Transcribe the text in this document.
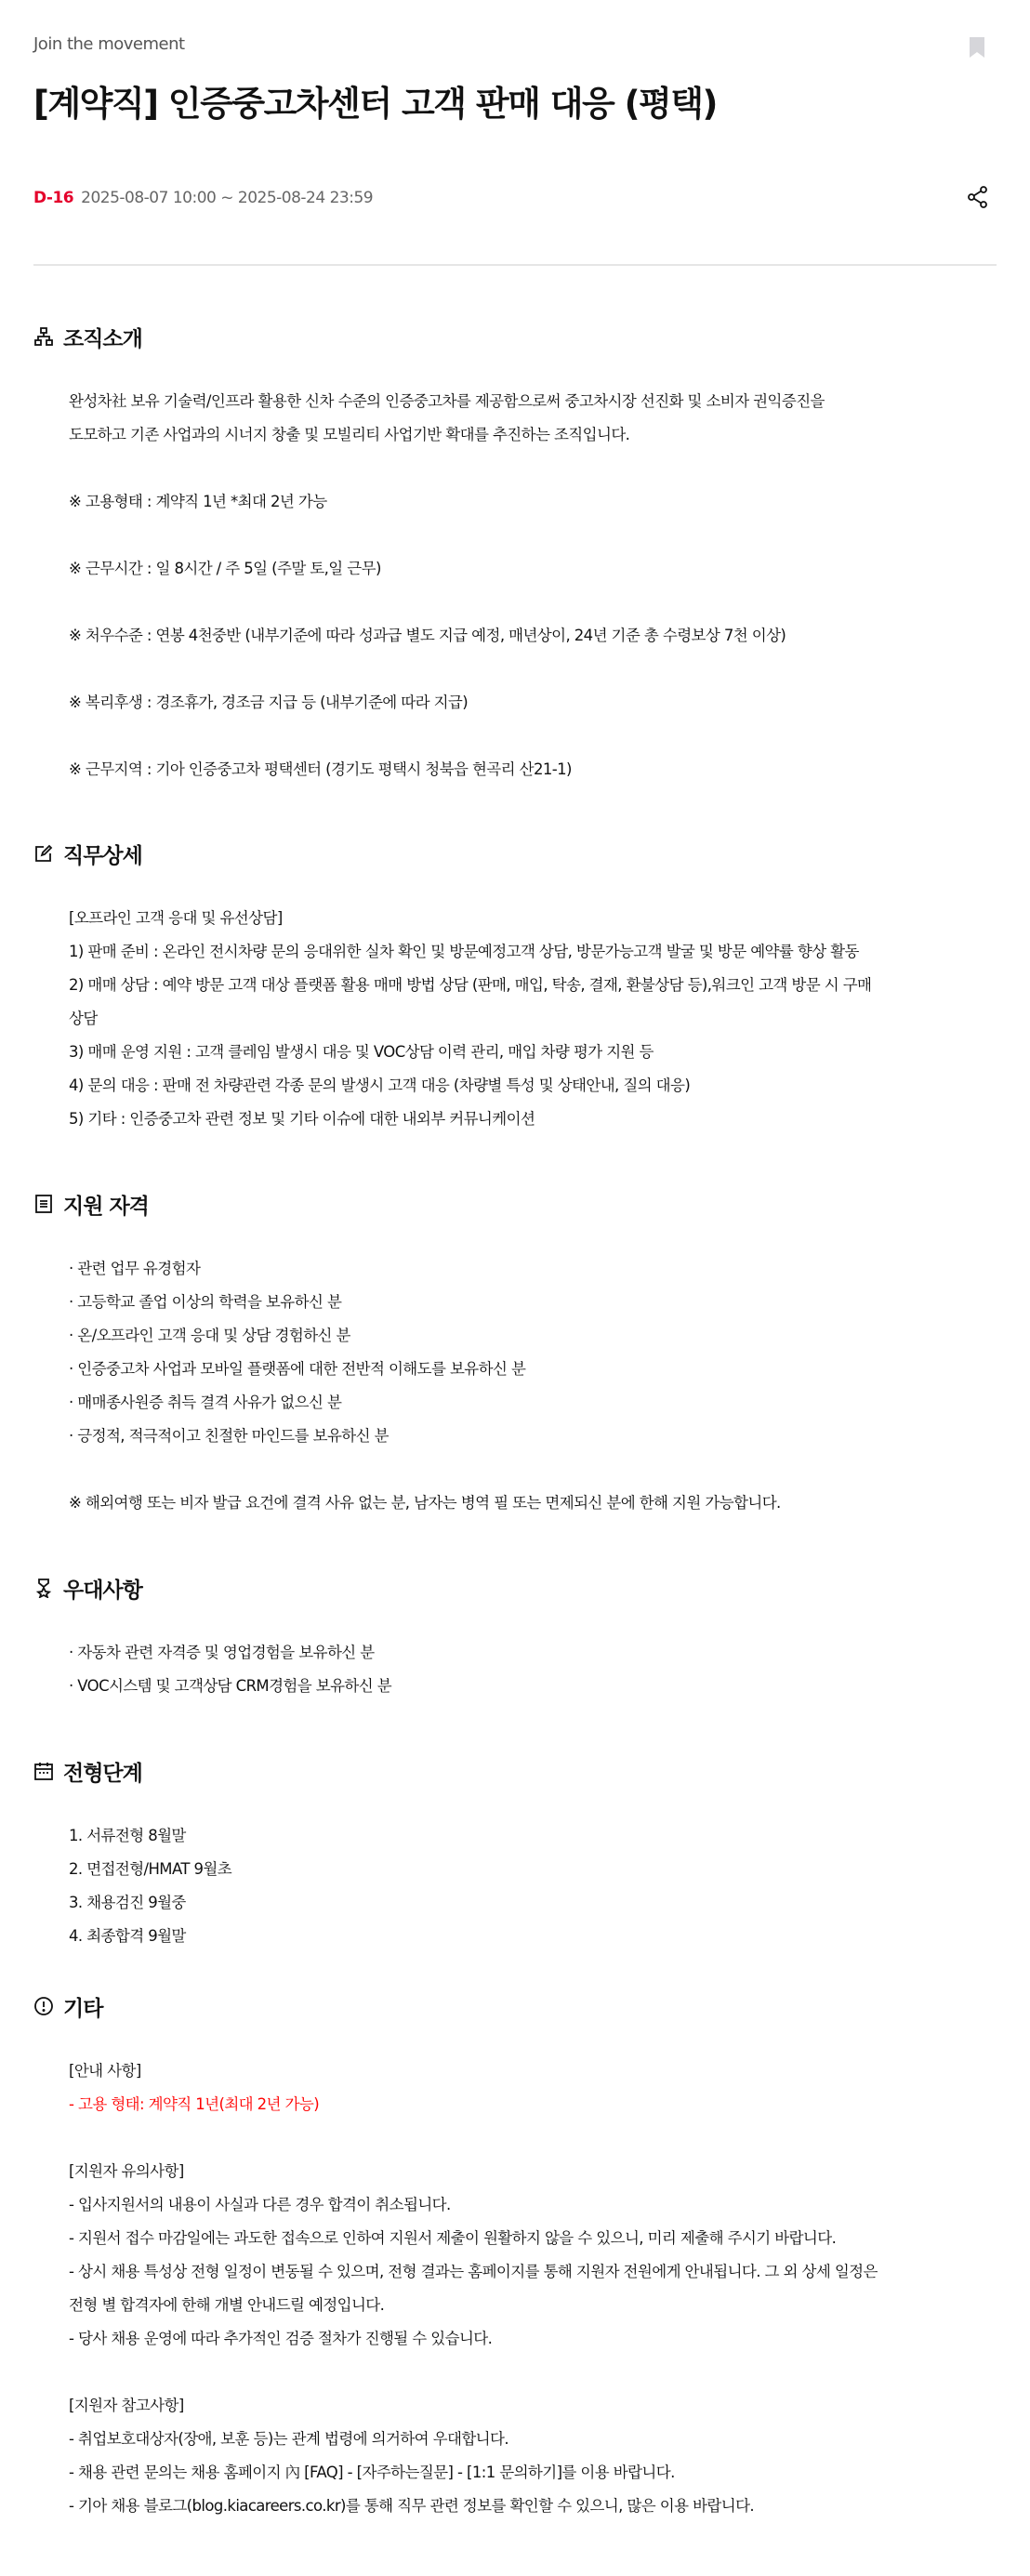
Join the movement
[계약직] 인증중고차센터 고객 판매 대응 (평택)
D-16 2025-08-07 10:00 ~ 2025-08-24 23:59
조직소개
완성차社 보유 기술력/인프라 활용한 신차 수준의 인증중고차를 제공함으로써 중고차시장 선진화 및 소비자 권익증진을
도모하고 기존 사업과의 시너지 창출 및 모빌리티 사업기반 확대를 추진하는 조직입니다.
※ 고용형태 : 계약직 1년 *최대 2년 가능
※ 근무시간 : 일 8시간 / 주 5일 (주말 토,일 근무)
※ 처우수준 : 연봉 4천중반 (내부기준에 따라 성과급 별도 지급 예정, 매년상이, 24년 기준 총 수령보상 7천 이상)
※ 복리후생 : 경조휴가, 경조금 지급 등 (내부기준에 따라 지급)
※ 근무지역 : 기아 인증중고차 평택센터 (경기도 평택시 청북읍 현곡리 산21-1)
직무상세
[오프라인 고객 응대 및 유선상담]
1) 판매 준비 : 온라인 전시차량 문의 응대위한 실차 확인 및 방문예정고객 상담, 방문가능고객 발굴 및 방문 예약률 향상 활동
2) 매매 상담 : 예약 방문 고객 대상 플랫폼 활용 매매 방법 상담 (판매, 매입, 탁송, 결재, 환불상담 등),워크인 고객 방문 시 구매
상담
3) 매매 운영 지원 : 고객 클레임 발생시 대응 및 VOC상담 이력 관리, 매입 차량 평가 지원 등
4) 문의 대응 : 판매 전 차량관련 각종 문의 발생시 고객 대응 (차량별 특성 및 상태안내, 질의 대응)
5) 기타 : 인증중고차 관련 정보 및 기타 이슈에 대한 내외부 커뮤니케이션
지원 자격
· 관련 업무 유경험자
· 고등학교 졸업 이상의 학력을 보유하신 분
· 온/오프라인 고객 응대 및 상담 경험하신 분
· 인증중고차 사업과 모바일 플랫폼에 대한 전반적 이해도를 보유하신 분
· 매매종사원증 취득 결격 사유가 없으신 분
· 긍정적, 적극적이고 친절한 마인드를 보유하신 분
※ 해외여행 또는 비자 발급 요건에 결격 사유 없는 분, 남자는 병역 필 또는 면제되신 분에 한해 지원 가능합니다.
우대사항
· 자동차 관련 자격증 및 영업경험을 보유하신 분
· VOC시스템 및 고객상담 CRM경험을 보유하신 분
전형단계
1. 서류전형 8월말
2. 면접전형/HMAT 9월초
3. 채용검진 9월중
4. 최종합격 9월말
기타
[안내 사항]
- 고용 형태: 계약직 1년(최대 2년 가능)
[지원자 유의사항]
- 입사지원서의 내용이 사실과 다른 경우 합격이 취소됩니다.
- 지원서 접수 마감일에는 과도한 접속으로 인하여 지원서 제출이 원활하지 않을 수 있으니, 미리 제출해 주시기 바랍니다.
- 상시 채용 특성상 전형 일정이 변동될 수 있으며, 전형 결과는 홈페이지를 통해 지원자 전원에게 안내됩니다. 그 외 상세 일정은
전형 별 합격자에 한해 개별 안내드릴 예정입니다.
- 당사 채용 운영에 따라 추가적인 검증 절차가 진행될 수 있습니다.
[지원자 참고사항]
- 취업보호대상자(장애, 보훈 등)는 관계 법령에 의거하여 우대합니다.
- 채용 관련 문의는 채용 홈페이지 內 [FAQ] - [자주하는질문] - [1:1 문의하기]를 이용 바랍니다.
- 기아 채용 블로그(blog.kiacareers.co.kr)를 통해 직무 관련 정보를 확인할 수 있으니, 많은 이용 바랍니다.
